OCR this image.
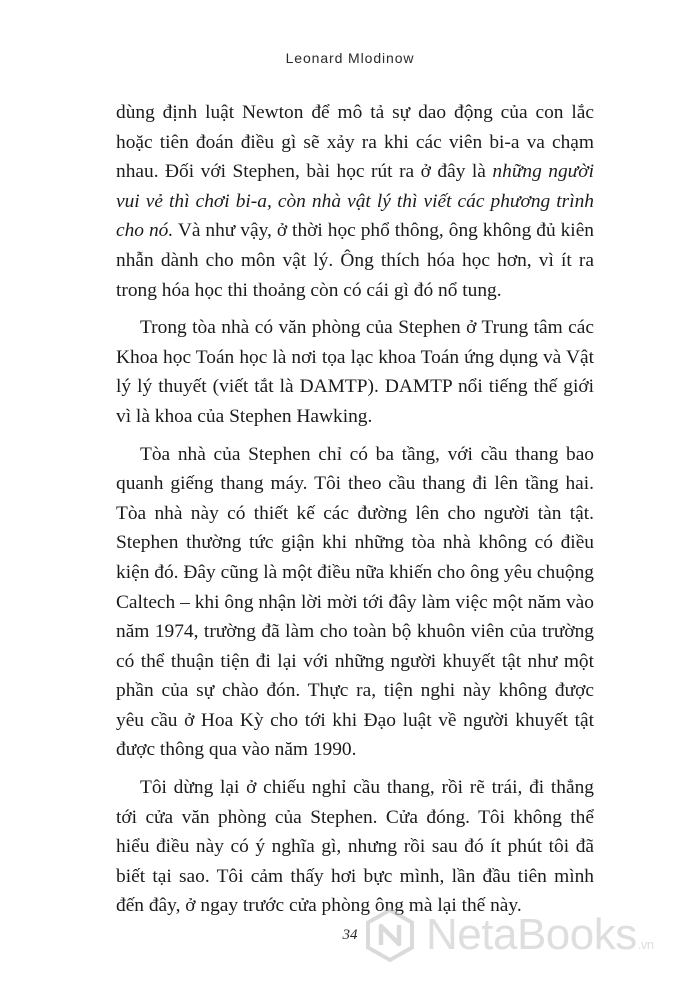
Leonard Mlodinow

dùng định luật Newton để mô tả sự dao động của con lắc hoặc tiên đoán điều gì sẽ xảy ra khi các viên bi-a va chạm nhau. Đối với Stephen, bài học rút ra ở đây là những người vui vẻ thì chơi bi-a, còn nhà vật lý thì viết các phương trình cho nó. Và như vậy, ở thời học phổ thông, ông không đủ kiên nhẫn dành cho môn vật lý. Ông thích hóa học hơn, vì ít ra trong hóa học thi thoảng còn có cái gì đó nổ tung.

Trong tòa nhà có văn phòng của Stephen ở Trung tâm các Khoa học Toán học là nơi tọa lạc khoa Toán ứng dụng và Vật lý lý thuyết (viết tắt là DAMTP). DAMTP nổi tiếng thế giới vì là khoa của Stephen Hawking.

Tòa nhà của Stephen chỉ có ba tầng, với cầu thang bao quanh giếng thang máy. Tôi theo cầu thang đi lên tầng hai. Tòa nhà này có thiết kế các đường lên cho người tàn tật. Stephen thường tức giận khi những tòa nhà không có điều kiện đó. Đây cũng là một điều nữa khiến cho ông yêu chuộng Caltech – khi ông nhận lời mời tới đây làm việc một năm vào năm 1974, trường đã làm cho toàn bộ khuôn viên của trường có thể thuận tiện đi lại với những người khuyết tật như một phần của sự chào đón. Thực ra, tiện nghi này không được yêu cầu ở Hoa Kỳ cho tới khi Đạo luật về người khuyết tật được thông qua vào năm 1990.

Tôi dừng lại ở chiếu nghỉ cầu thang, rồi rẽ trái, đi thẳng tới cửa văn phòng của Stephen. Cửa đóng. Tôi không thể hiểu điều này có ý nghĩa gì, nhưng rồi sau đó ít phút tôi đã biết tại sao. Tôi cảm thấy hơi bực mình, lần đầu tiên mình đến đây, ở ngay trước cửa phòng ông mà lại thế này.

34	NetaBooks.vn
